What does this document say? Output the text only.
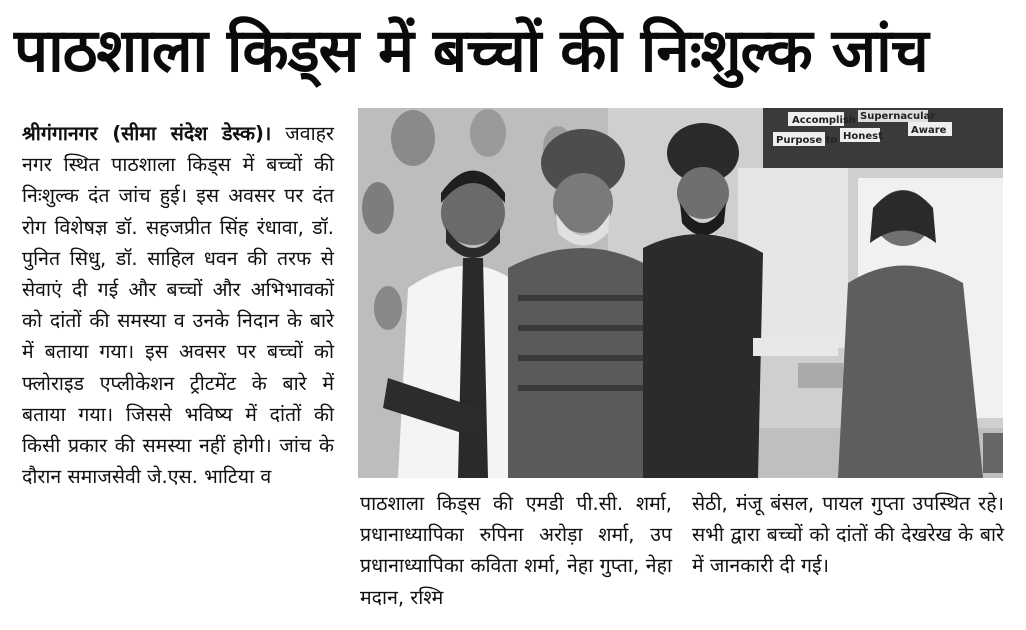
पाठशाला किड्स में बच्चों की निःशुल्क जांच
श्रीगंगानगर (सीमा संदेश डेस्क)। जवाहर नगर स्थित पाठशाला किड्स में बच्चों की निःशुल्क दंत जांच हुई। इस अवसर पर दंत रोग विशेषज्ञ डॉ. सहजप्रीत सिंह रंधावा, डॉ. पुनित सिधु, डॉ. साहिल धवन की तरफ से सेवाएं दी गई और बच्चों और अभिभावकों को दांतों की समस्या व उनके निदान के बारे में बताया गया। इस अवसर पर बच्चों को फ्लोराइड एप्लीकेशन ट्रीटमेंट के बारे में बताया गया। जिससे भविष्य में दांतों की किसी प्रकार की समस्या नहीं होगी। जांच के दौरान समाजसेवी जे.एस. भाटिया व
Accomplish Supernacular
Purpose to Honest
Aware
पाठशाला किड्स की एमडी पी.सी. शर्मा, प्रधानाध्यापिका रुपिना अरोड़ा शर्मा, उप प्रधानाध्यापिका कविता शर्मा, नेहा गुप्ता, नेहा मदान, रश्मि
सेठी, मंजू बंसल, पायल गुप्ता उपस्थित रहे। सभी द्वारा बच्चों को दांतों की देखरेख के बारे में जानकारी दी गई।
